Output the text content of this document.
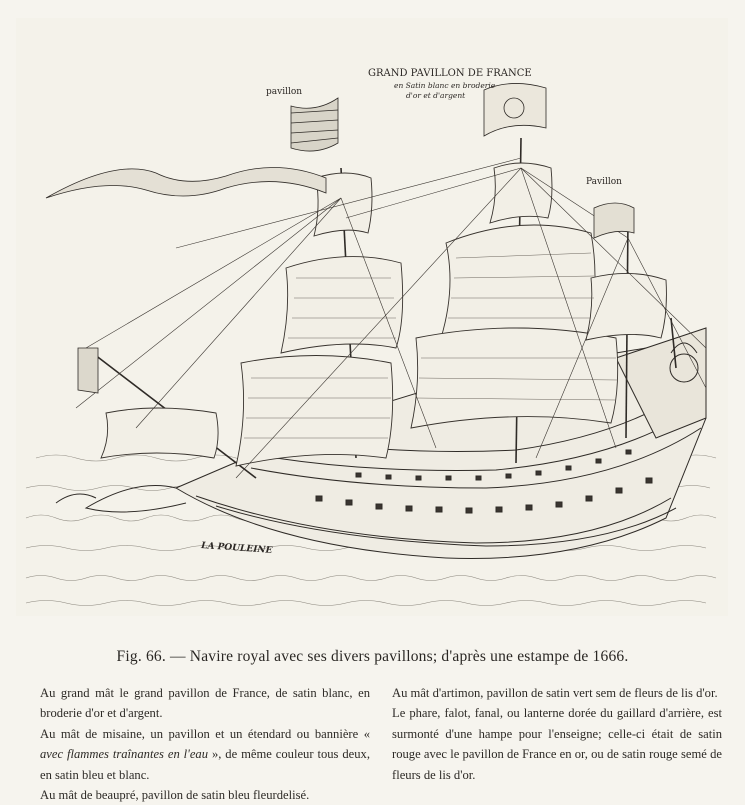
pavillon
GRAND PAVILLON DE FRANCE
en Satin blanc en broderie
d'or et d'argent
Pavillon
LA POULEINE
Fig. 66. — Navire royal avec ses divers pavillons; d'après une estampe de 1666.

Au grand mât le grand pavillon de France, de satin blanc, en broderie d'or et d'argent.

Au mât de misaine, un pavillon et un étendard ou bannière « avec flammes traînantes en l'eau », de même couleur tous deux, en satin bleu et blanc.

Au mât de beaupré, pavillon de satin bleu fleurdelisé.

Au mât d'artimon, pavillon de satin vert sem de fleurs de lis d'or.

Le phare, falot, fanal, ou lanterne dorée du gaillard d'arrière, est surmonté d'une hampe pour l'enseigne; celle-ci était de satin rouge avec le pavillon de France en or, ou de satin rouge semé de fleurs de lis d'or.
